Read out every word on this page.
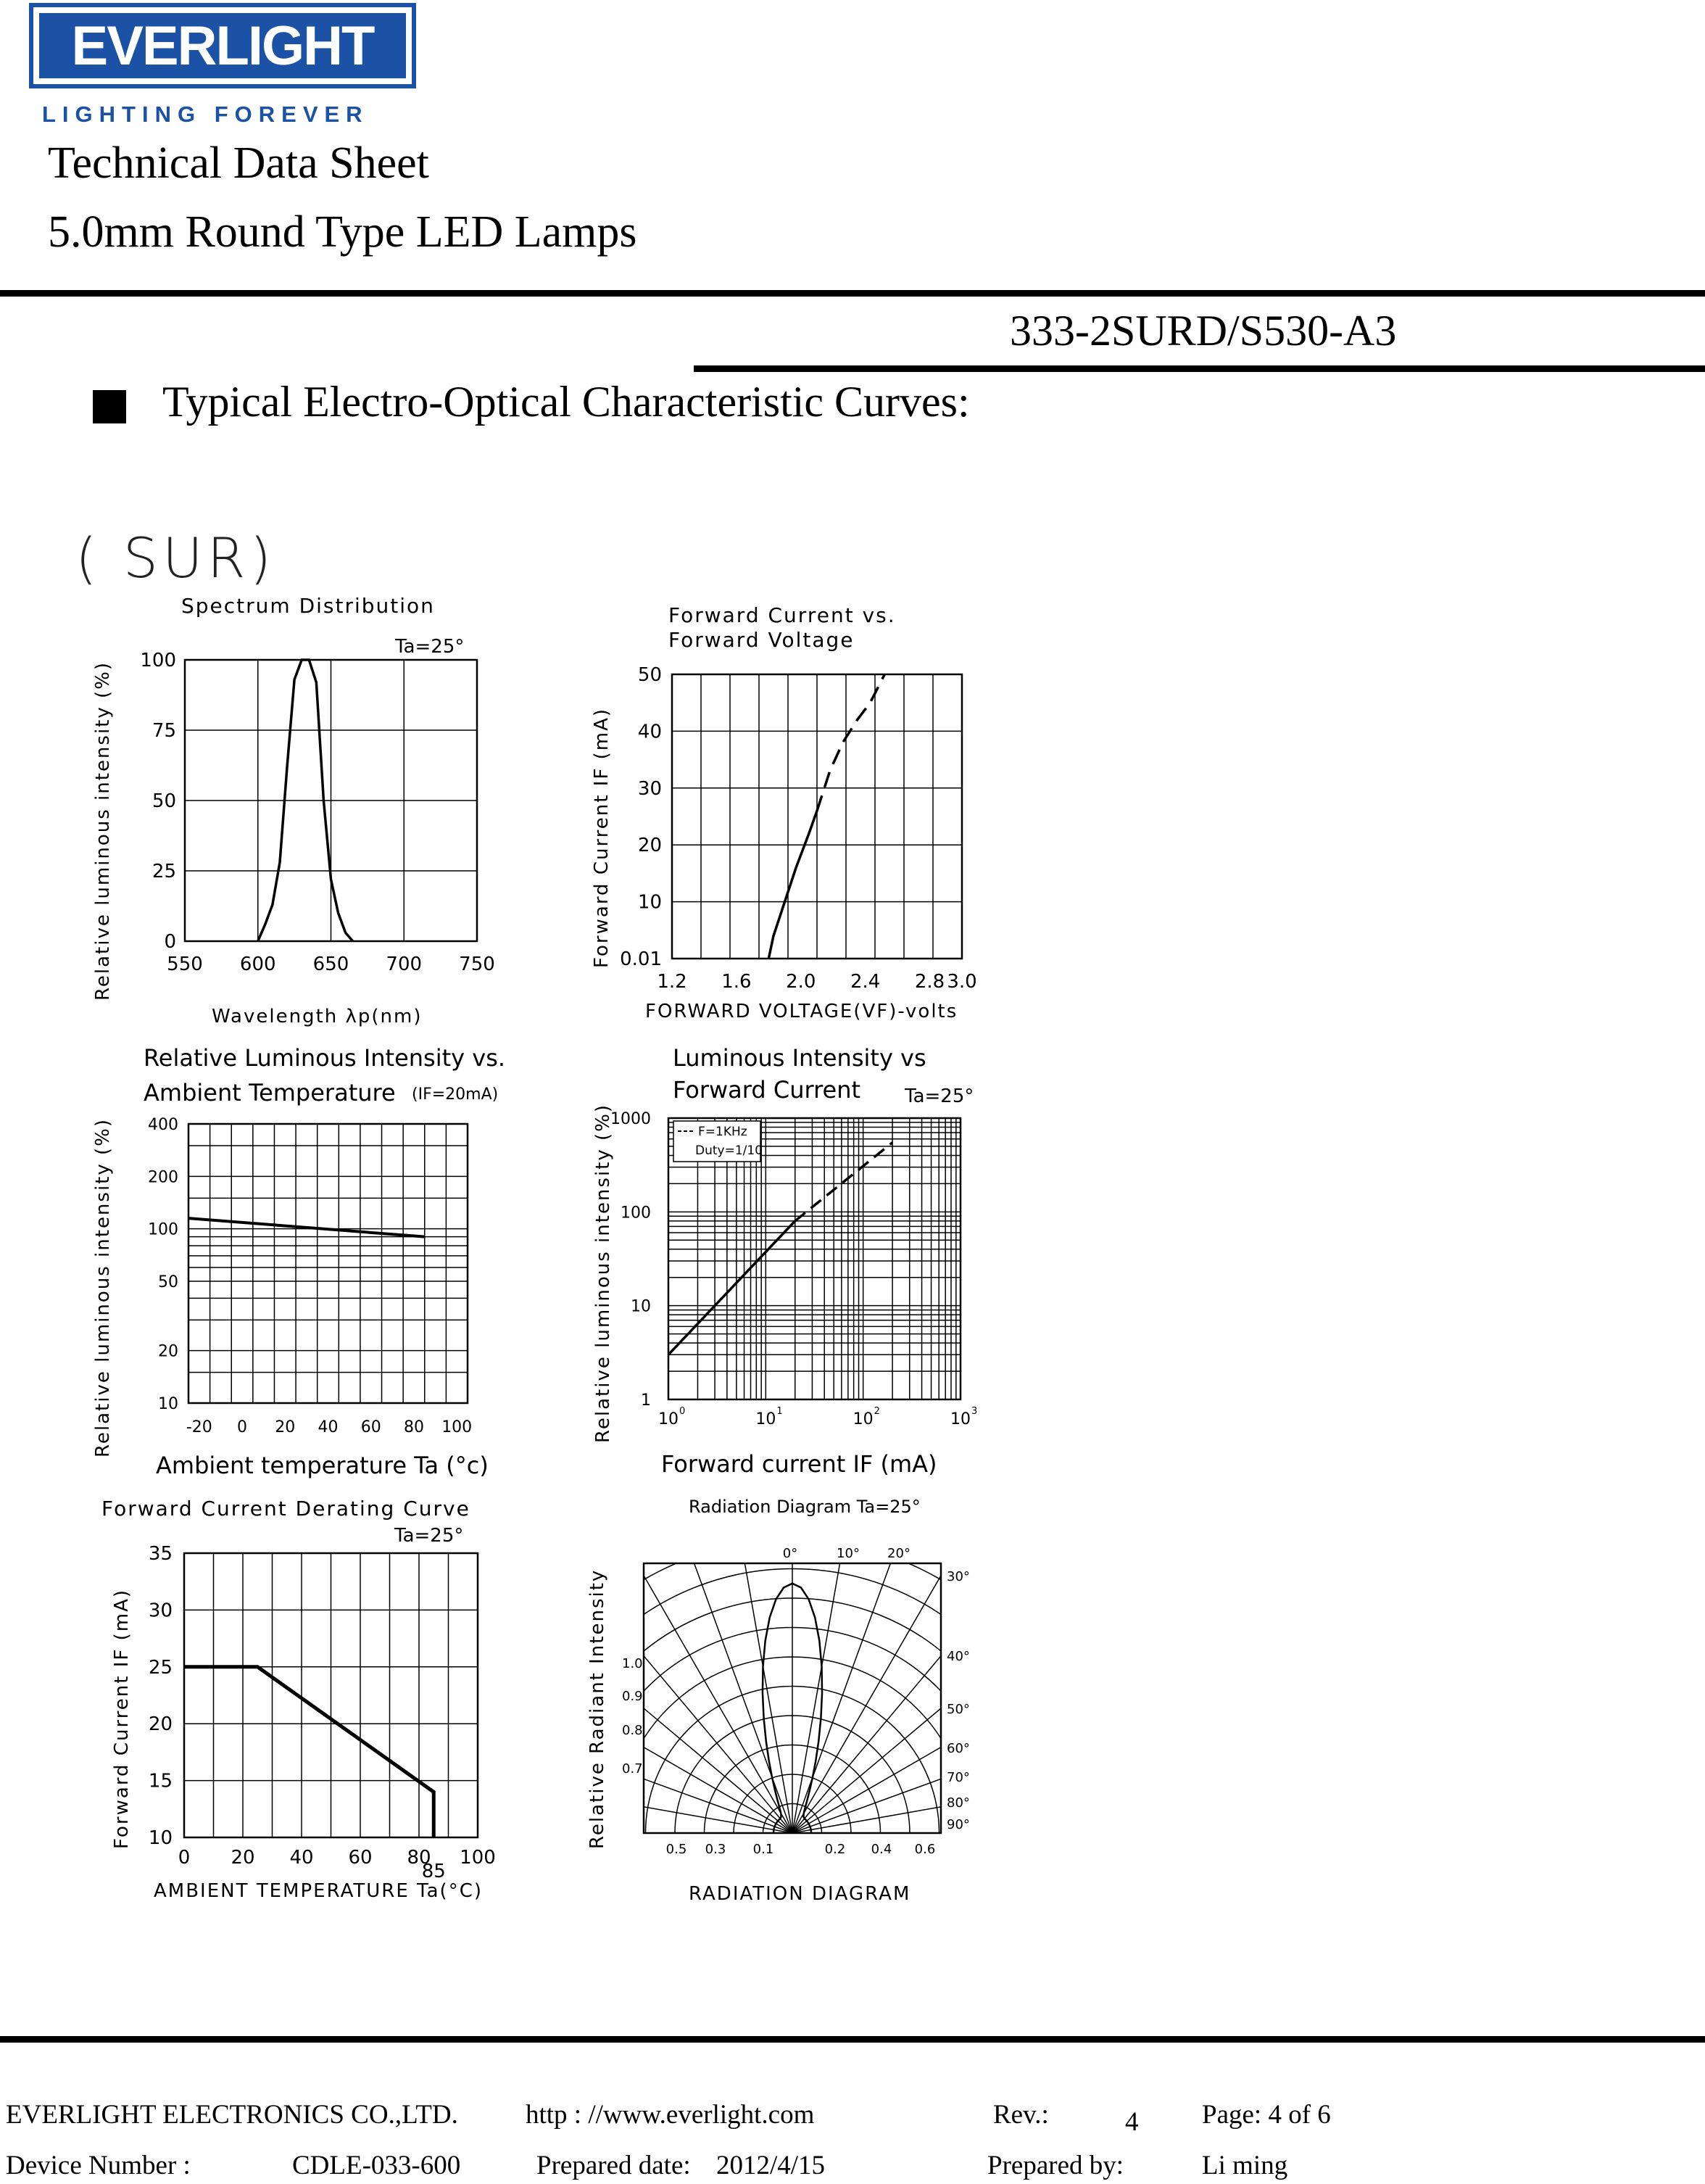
EVERLIGHT
LIGHTING FOREVER
Technical Data Sheet
5.0mm Round Type LED Lamps
333-2SURD/S530-A3
Typical Electro-Optical Characteristic Curves:
( SUR)
Spectrum Distribution
Ta=25°
550 600 650 700 750
0
25
50
75
100
Relative luminous intensity (%)
Wavelength λp(nm)
Forward Current vs. Forward Voltage
1.2 1.6 2.0 2.4 2.8 3.0
0.01
10
20
30
40
50
Forward Current IF (mA)
FORWARD VOLTAGE(VF)-volts
Relative Luminous Intensity vs.
Ambient Temperature (IF=20mA)
-20 0 20 40 60 80 100
10
20
50
100
200
400
Relative luminous intensity (%)
Ambient temperature Ta (°c)
Luminous Intensity vs
Forward Current Ta=25°
10 0	10 1	10 2	10 3
1
10
100
1000
F=1KHz
Duty=1/10
Relative luminous intensity (%)
Forward current IF (mA)
Forward Current Derating Curve
Ta=25°
0 20 40 60 80 100
10
15
20
25
30
35
85
Forward Current IF (mA)
AMBIENT TEMPERATURE Ta(°C)
Radiation Diagram Ta=25°
0°	10° 20°
30°
40°
50°
60°
70°
80°
90°
1.0
0.9
0.8
0.7
0.5 0.3 0.1	0.2 0.4 0.6
Relative Radiant Intensity
RADIATION DIAGRAM
EVERLIGHT ELECTRONICS CO.,LTD.	http : //www.everlight.com	Rev.:	4 Page: 4 of 6
Device Number :	CDLE-033-600	Prepared date: 2012/4/15	Prepared by:	Li ming
